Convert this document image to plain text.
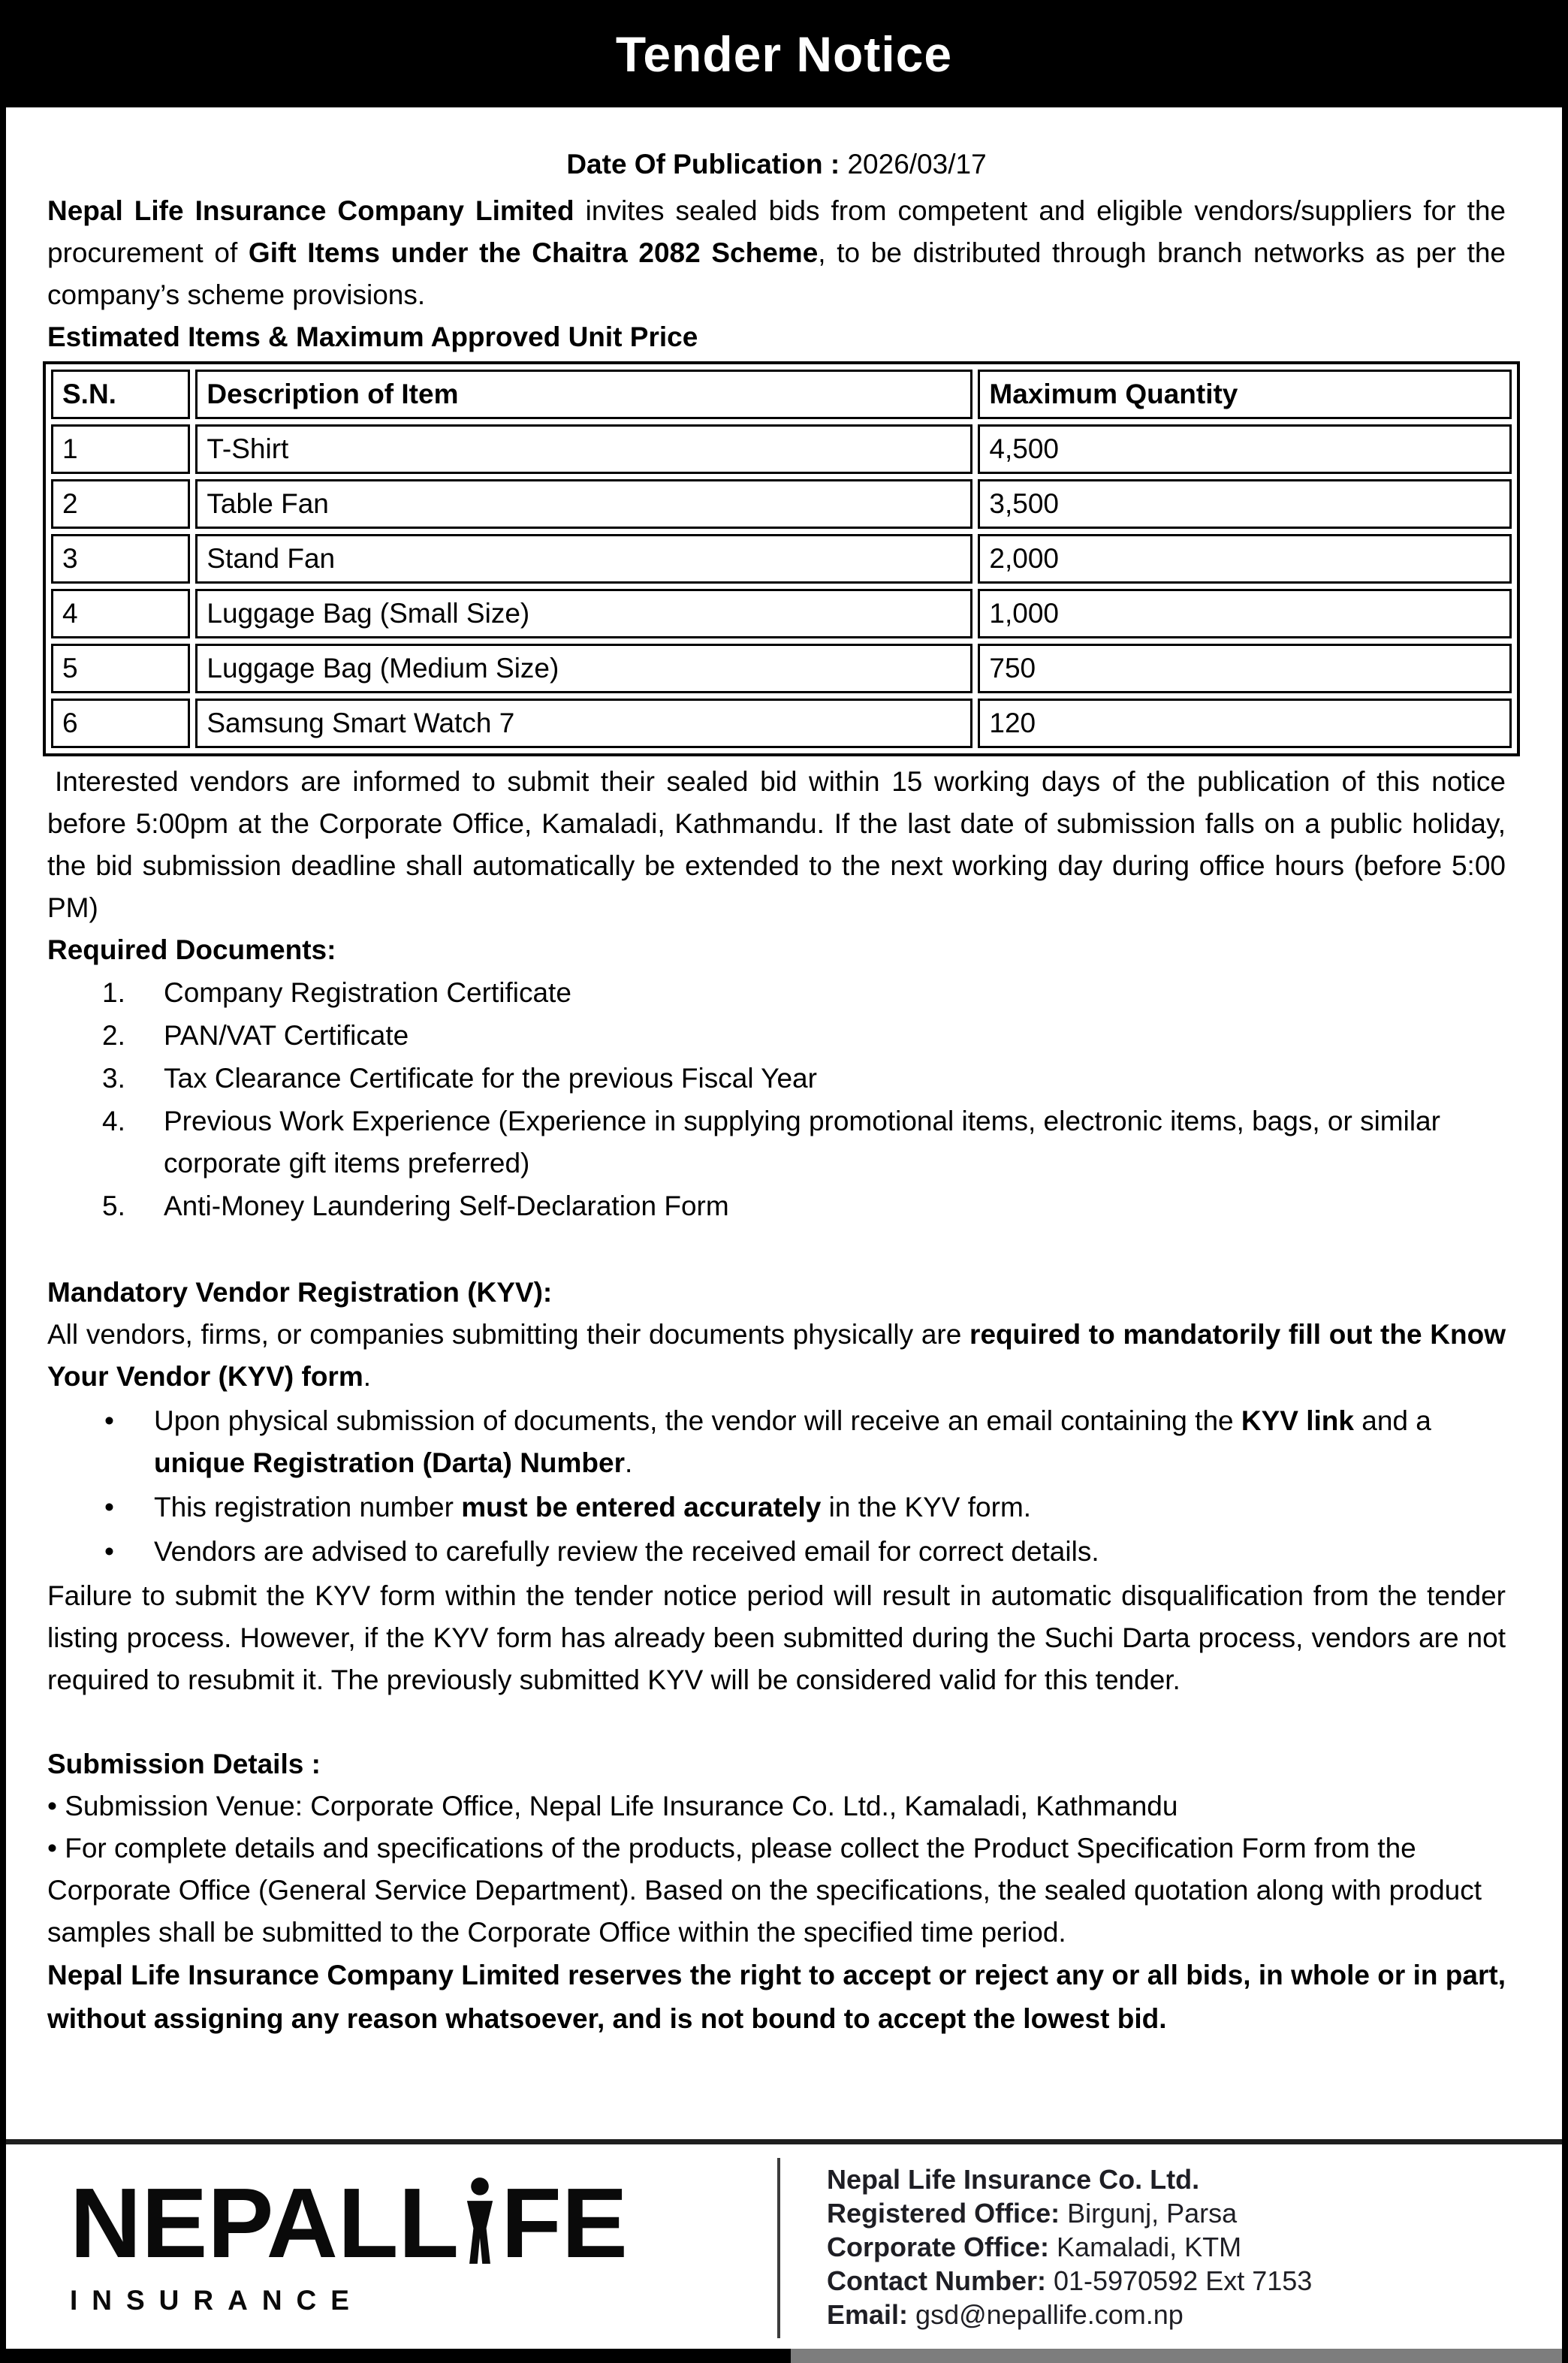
Tender Notice
Date Of Publication : 2026/03/17

Nepal Life Insurance Company Limited invites sealed bids from competent and eligible vendors/suppliers for the procurement of Gift Items under the Chaitra 2082 Scheme, to be distributed through branch networks as per the company’s scheme provisions.

Estimated Items & Maximum Approved Unit Price
S.N.	Description of Item	Maximum Quantity
1	T-Shirt	4,500
2	Table Fan	3,500
3	Stand Fan	2,000
4	Luggage Bag (Small Size)	1,000
5	Luggage Bag (Medium Size)	750
6	Samsung Smart Watch 7	120

Interested vendors are informed to submit their sealed bid within 15 working days of the publication of this notice before 5:00pm at the Corporate Office, Kamaladi, Kathmandu. If the last date of submission falls on a public holiday, the bid submission deadline shall automatically be extended to the next working day during office hours (before 5:00 PM)

Required Documents:
1.	Company Registration Certificate
2.	PAN/VAT Certificate
3.	Tax Clearance Certificate for the previous Fiscal Year
4.	Previous Work Experience (Experience in supplying promotional items, electronic items, bags, or similar corporate gift items preferred)
5.	Anti-Money Laundering Self-Declaration Form
Mandatory Vendor Registration (KYV):

All vendors, firms, or companies submitting their documents physically are required to mandatorily fill out the Know Your Vendor (KYV) form.

•	Upon physical submission of documents, the vendor will receive an email containing the KYV link and a unique Registration (Darta) Number.
•	This registration number must be entered accurately in the KYV form.
•	Vendors are advised to carefully review the received email for correct details.

Failure to submit the KYV form within the tender notice period will result in automatic disqualification from the tender listing process. However, if the KYV form has already been submitted during the Suchi Darta process, vendors are not required to resubmit it. The previously submitted KYV will be considered valid for this tender.

Submission Details :
• Submission Venue: Corporate Office, Nepal Life Insurance Co. Ltd., Kamaladi, Kathmandu
• For complete details and specifications of the products, please collect the Product Specification Form from the Corporate Office (General Service Department). Based on the specifications, the sealed quotation along with product samples shall be submitted to the Corporate Office within the specified time period.

Nepal Life Insurance Company Limited reserves the right to accept or reject any or all bids, in whole or in part, without assigning any reason whatsoever, and is not bound to accept the lowest bid.

NEPALL FE
INSURANCE
Nepal Life Insurance Co. Ltd.
Registered Office: Birgunj, Parsa
Corporate Office: Kamaladi, KTM
Contact Number: 01-5970592 Ext 7153
Email: gsd@nepallife.com.np
